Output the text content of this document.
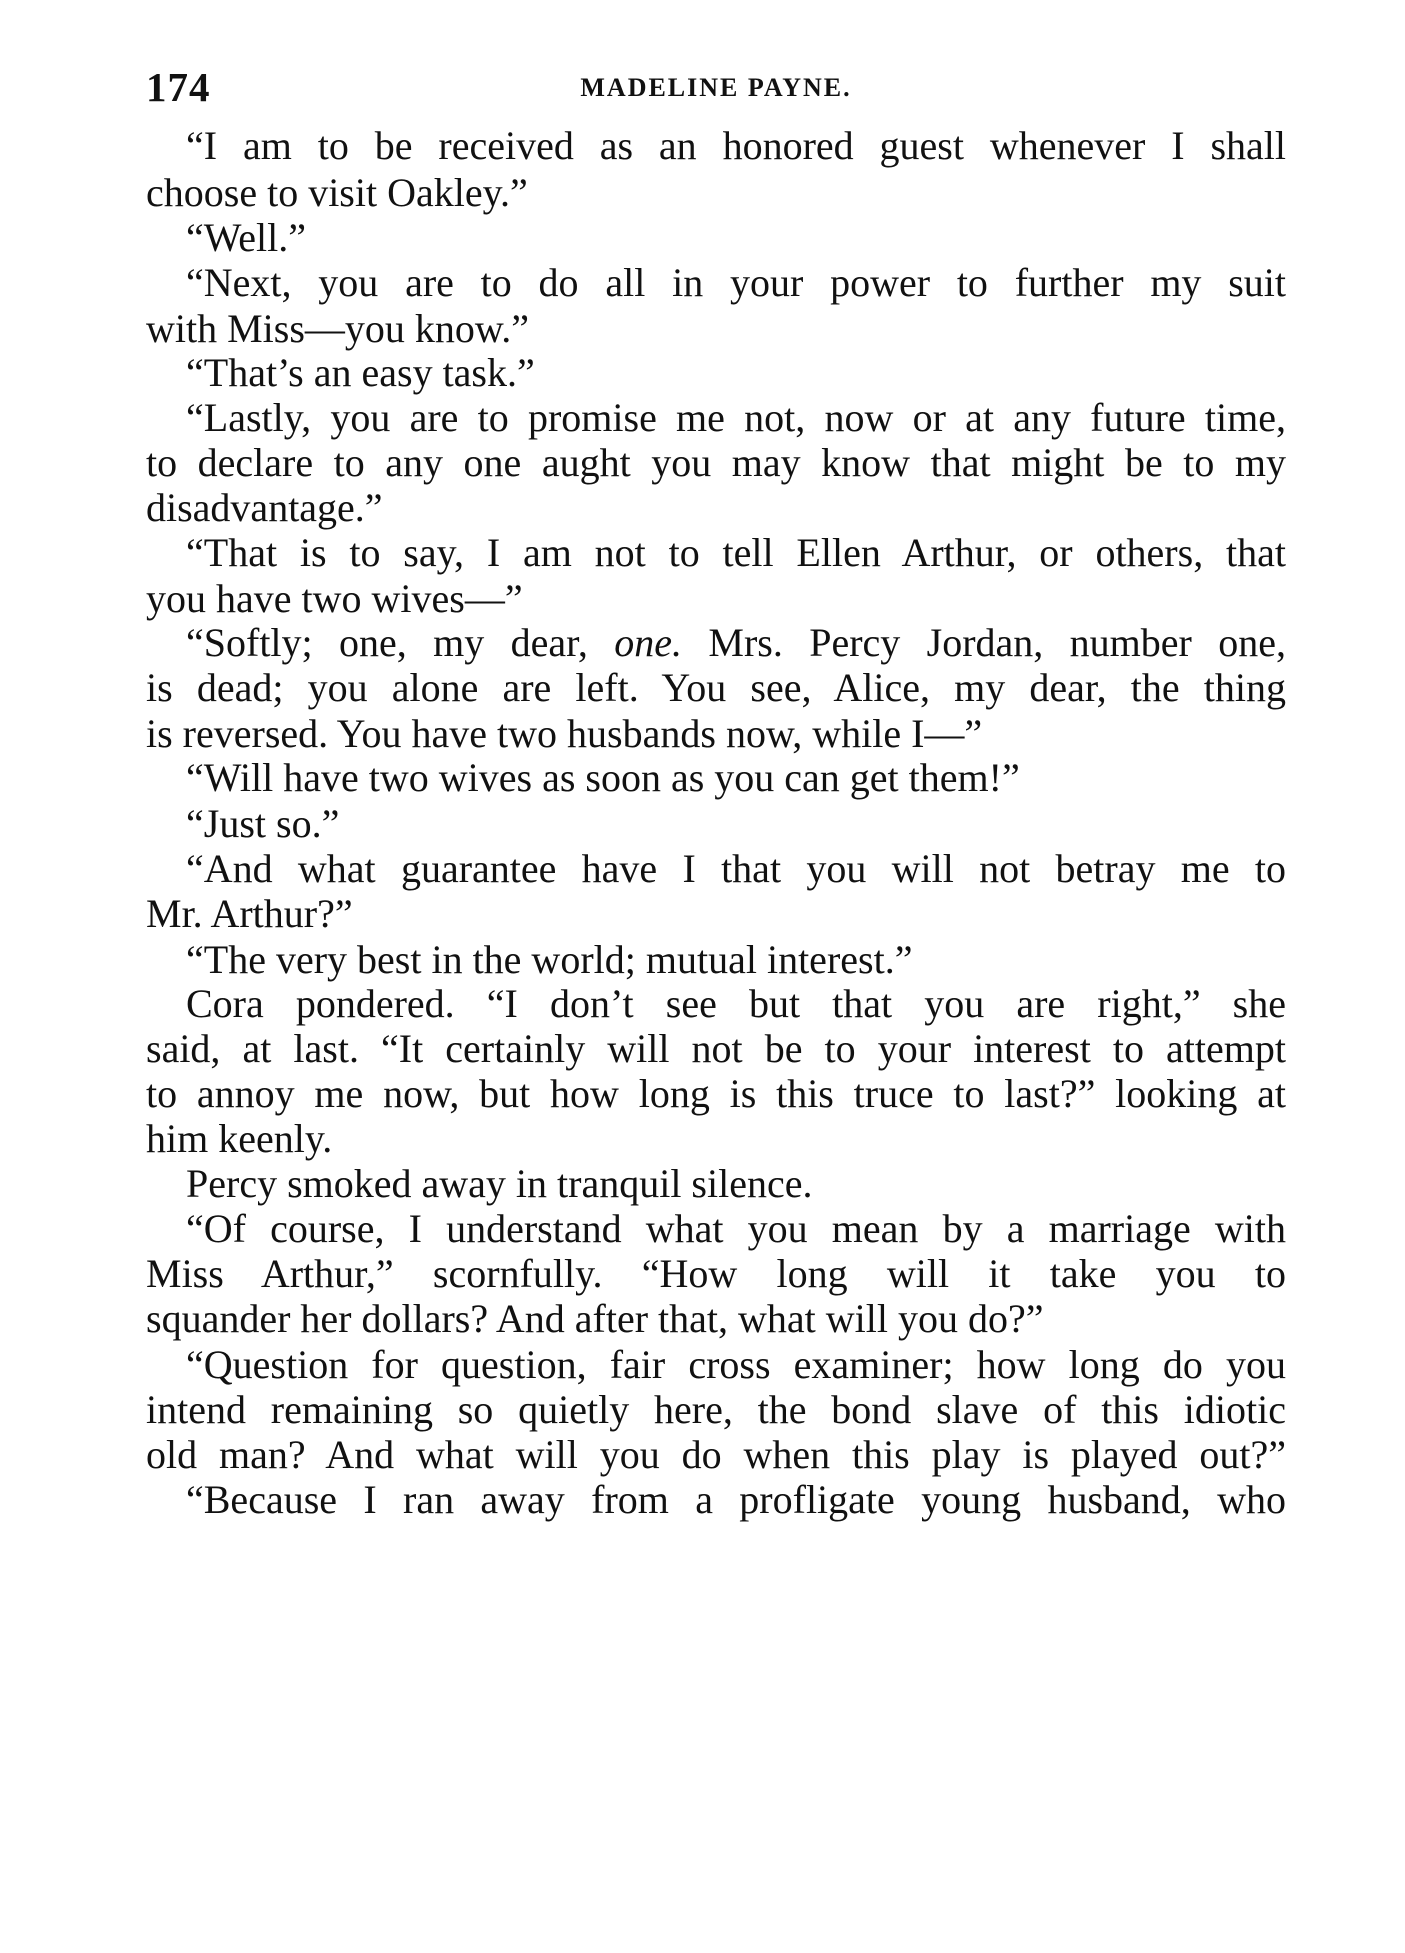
174	MADELINE PAYNE.
“I am to be received as an honored guest whenever I shall
choose to visit Oakley.”
“Well.”
“Next, you are to do all in your power to further my suit
with Miss—you know.”
“That’s an easy task.”
“Lastly, you are to promise me not, now or at any future time,
to declare to any one aught you may know that might be to my
disadvantage.”
“That is to say, I am not to tell Ellen Arthur, or others, that
you have two wives—”
“Softly; one, my dear, one. Mrs. Percy Jordan, number one,
is dead; you alone are left. You see, Alice, my dear, the thing
is reversed. You have two husbands now, while I—”
“Will have two wives as soon as you can get them!”
“Just so.”
“And what guarantee have I that you will not betray me to
Mr. Arthur?”
“The very best in the world; mutual interest.”
Cora pondered. “I don’t see but that you are right,” she
said, at last. “It certainly will not be to your interest to attempt
to annoy me now, but how long is this truce to last?” looking at
him keenly.
Percy smoked away in tranquil silence.
“Of course, I understand what you mean by a marriage with
Miss Arthur,” scornfully. “How long will it take you to
squander her dollars? And after that, what will you do?”
“Question for question, fair cross examiner; how long do you
intend remaining so quietly here, the bond slave of this idiotic
old man? And what will you do when this play is played out?”
“Because I ran away from a profligate young husband, who
